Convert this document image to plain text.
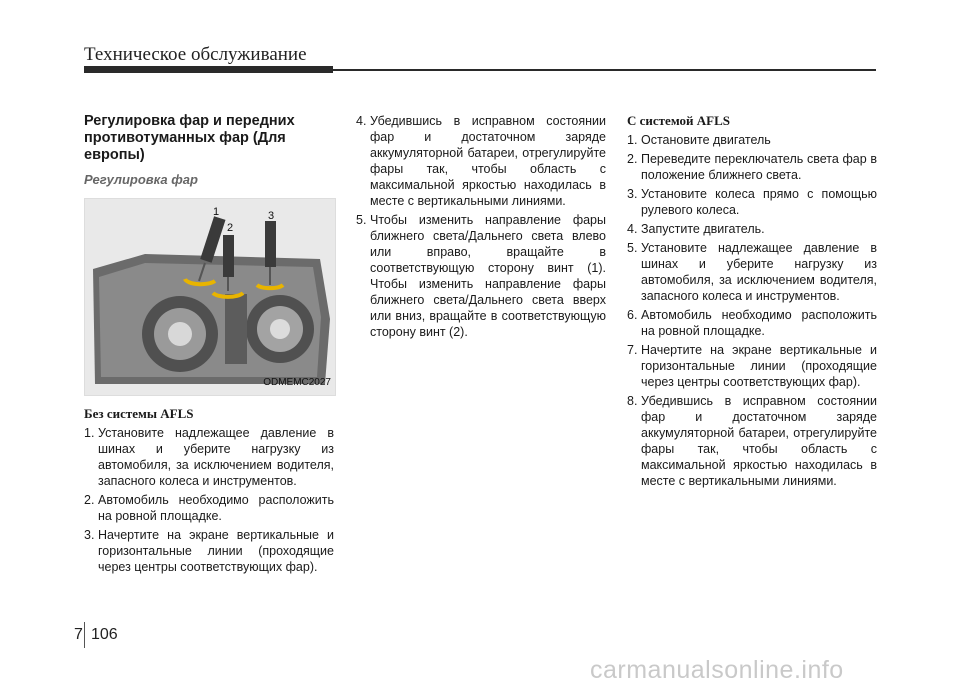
Техническое обслуживание
Регулировка фар и передних противотуманных фар (Для европы)
Регулировка фар
1
2
3
ODMEMC2027
Без системы AFLS
1. Установите надлежащее давление в шинах и уберите нагрузку из автомобиля, за исключением водителя, запасного колеса и инструментов.
2. Автомобиль необходимо расположить на ровной площадке.
3. Начертите на экране вертикальные и горизонтальные линии (проходящие через центры соответствующих фар).
4. Убедившись в исправном состоянии фар и достаточном заряде аккумуляторной батареи, отрегулируйте фары так, чтобы область с максимальной яркостью находилась в месте с вертикальными линиями.
5. Чтобы изменить направление фары ближнего света/Дальнего света влево или вправо, вращайте в соответствующую сторону винт (1). Чтобы изменить направление фары ближнего света/Дальнего света вверх или вниз, вращайте в соответствующую сторону винт (2).
С системой AFLS
1. Остановите двигатель
2. Переведите переключатель света фар в положение ближнего света.
3. Установите колеса прямо с помощью рулевого колеса.
4. Запустите двигатель.
5. Установите надлежащее давление в шинах и уберите нагрузку из автомобиля, за исключением водителя, запасного колеса и инструментов.
6. Автомобиль необходимо расположить на ровной площадке.
7. Начертите на экране вертикальные и горизонтальные линии (проходящие через центры соответствующих фар).
8. Убедившись в исправном состоянии фар и достаточном заряде аккумуляторной батареи, отрегулируйте фары так, чтобы область с максимальной яркостью находилась в месте с вертикальными линиями.
7 106
carmanualsonline.info
